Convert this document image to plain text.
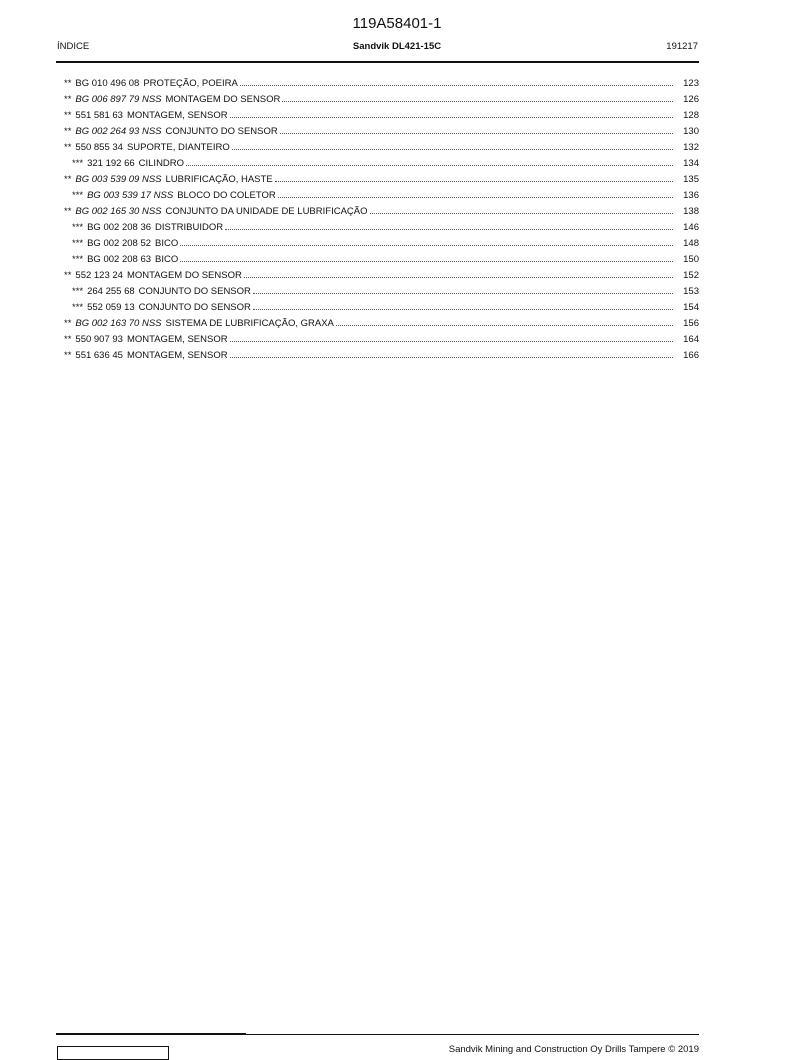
119A58401-1
ÍNDICE	Sandvik DL421-15C	191217
** BG 010 496 08 PROTEÇÃO, POEIRA	123
** BG 006 897 79 NSS MONTAGEM DO SENSOR	126
** 551 581 63 MONTAGEM, SENSOR	128
** BG 002 264 93 NSS CONJUNTO DO SENSOR	130
** 550 855 34 SUPORTE, DIANTEIRO	132
*** 321 192 66 CILINDRO	134
** BG 003 539 09 NSS LUBRIFICAÇÃO, HASTE	135
*** BG 003 539 17 NSS BLOCO DO COLETOR	136
** BG 002 165 30 NSS CONJUNTO DA UNIDADE DE LUBRIFICAÇÃO	138
*** BG 002 208 36 DISTRIBUIDOR	146
*** BG 002 208 52 BICO	148
*** BG 002 208 63 BICO	150
** 552 123 24 MONTAGEM DO SENSOR	152
*** 264 255 68 CONJUNTO DO SENSOR	153
*** 552 059 13 CONJUNTO DO SENSOR	154
** BG 002 163 70 NSS SISTEMA DE LUBRIFICAÇÃO, GRAXA	156
** 550 907 93 MONTAGEM, SENSOR	164
** 551 636 45 MONTAGEM, SENSOR	166
Sandvik Mining and Construction Oy Drills Tampere © 2019
